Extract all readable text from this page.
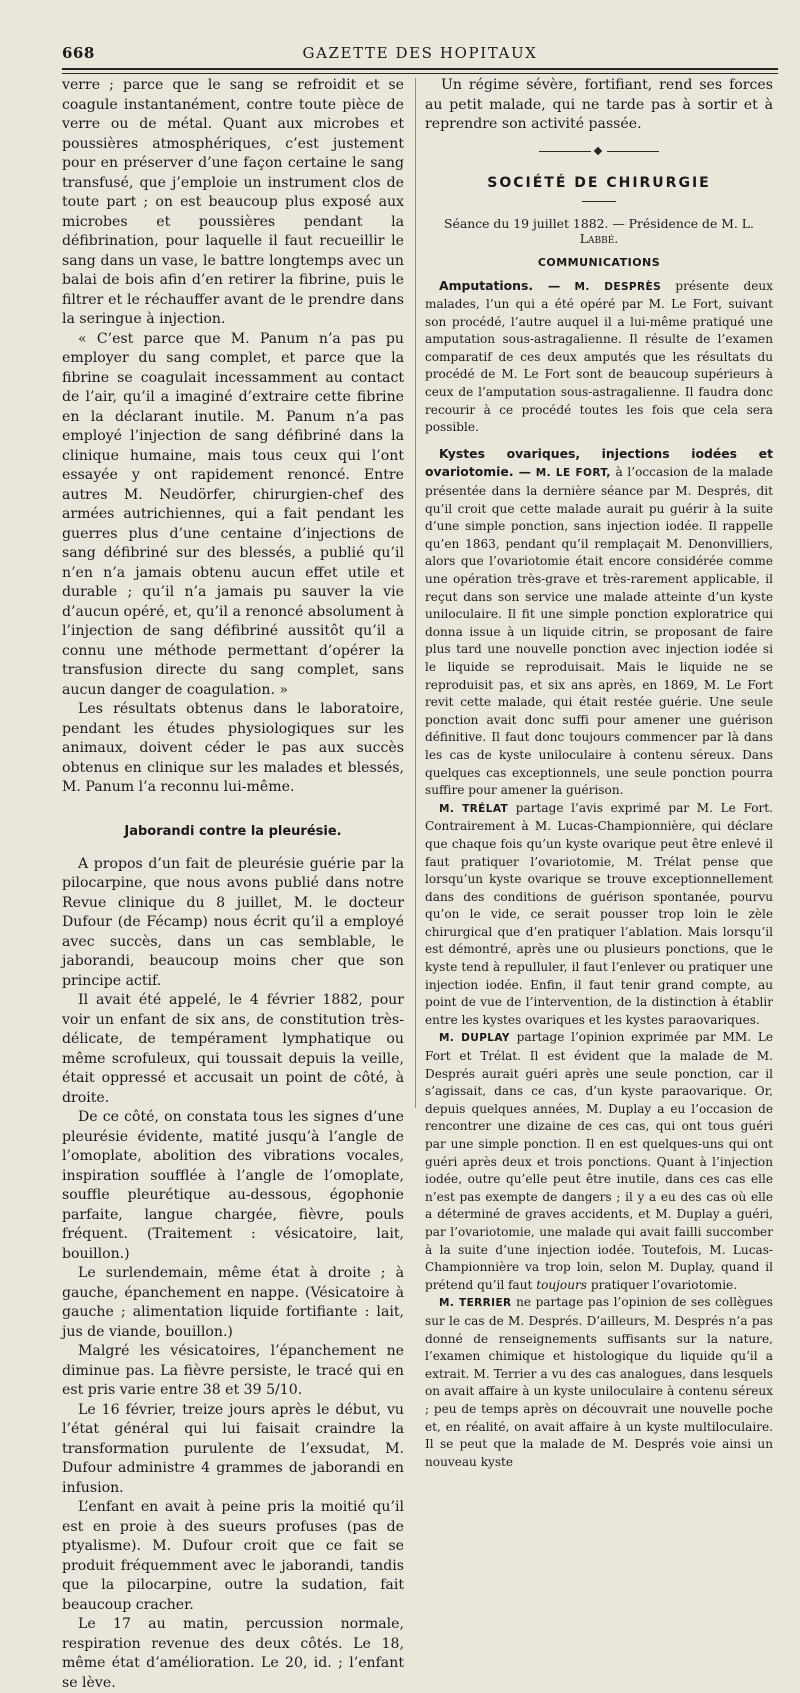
668	GAZETTE DES HOPITAUX

verre ; parce que le sang se refroidit et se coagule instantanément, contre toute pièce de verre ou de métal. Quant aux microbes et poussières atmosphériques, c’est justement pour en préserver d’une façon certaine le sang transfusé, que j’emploie un instrument clos de toute part ; on est beaucoup plus exposé aux microbes et poussières pendant la défibrination, pour laquelle il faut recueillir le sang dans un vase, le battre longtemps avec un balai de bois afin d’en retirer la fibrine, puis le filtrer et le réchauffer avant de le prendre dans la seringue à injection.

« C’est parce que M. Panum n’a pas pu employer du sang complet, et parce que la fibrine se coagulait incessamment au contact de l’air, qu’il a imaginé d’extraire cette fibrine en la déclarant inutile. M. Panum n’a pas employé l’injection de sang défibriné dans la clinique humaine, mais tous ceux qui l’ont essayée y ont rapidement renoncé. Entre autres M. Neudörfer, chirurgien-chef des armées autrichiennes, qui a fait pendant les guerres plus d’une centaine d’injections de sang défibriné sur des blessés, a publié qu’il n’en n’a jamais obtenu aucun effet utile et durable ; qu’il n’a jamais pu sauver la vie d’aucun opéré, et, qu’il a renoncé absolument à l’injection de sang défibriné aussitôt qu’il a connu une méthode permettant d’opérer la transfusion directe du sang complet, sans aucun danger de coagulation. »

Les résultats obtenus dans le laboratoire, pendant les études physiologiques sur les animaux, doivent céder le pas aux succès obtenus en clinique sur les malades et blessés, M. Panum l’a reconnu lui-même.

Jaborandi contre la pleurésie.

A propos d’un fait de pleurésie guérie par la pilocarpine, que nous avons publié dans notre Revue clinique du 8 juillet, M. le docteur Dufour (de Fécamp) nous écrit qu’il a employé avec succès, dans un cas semblable, le jaborandi, beaucoup moins cher que son principe actif.

Il avait été appelé, le 4 février 1882, pour voir un enfant de six ans, de constitution très-délicate, de tempérament lymphatique ou même scrofuleux, qui toussait depuis la veille, était oppressé et accusait un point de côté, à droite.

De ce côté, on constata tous les signes d’une pleurésie évidente, matité jusqu’à l’angle de l’omoplate, abolition des vibrations vocales, inspiration soufflée à l’angle de l’omoplate, souffle pleurétique au-dessous, égophonie parfaite, langue chargée, fièvre, pouls fréquent. (Traitement : vésicatoire, lait, bouillon.)

Le surlendemain, même état à droite ; à gauche, épanchement en nappe. (Vésicatoire à gauche ; alimentation liquide fortifiante : lait, jus de viande, bouillon.)

Malgré les vésicatoires, l’épanchement ne diminue pas. La fièvre persiste, le tracé qui en est pris varie entre 38 et 39 5/10.

Le 16 février, treize jours après le début, vu l’état général qui lui faisait craindre la transformation purulente de l’exsudat, M. Dufour administre 4 grammes de jaborandi en infusion.

L’enfant en avait à peine pris la moitié qu’il est en proie à des sueurs profuses (pas de ptyalisme). M. Dufour croit que ce fait se produit fréquemment avec le jaborandi, tandis que la pilocarpine, outre la sudation, fait beaucoup cracher.

Le 17 au matin, percussion normale, respiration revenue des deux côtés. Le 18, même état d’amélioration. Le 20, id. ; l’enfant se lève.

Un régime sévère, fortifiant, rend ses forces au petit malade, qui ne tarde pas à sortir et à reprendre son activité passée.

SOCIÉTÉ DE CHIRURGIE
Séance du 19 juillet 1882. — Présidence de M. L. Labbé.
COMMUNICATIONS

Amputations. — M. DESPRÈS présente deux malades, l’un qui a été opéré par M. Le Fort, suivant son procédé, l’autre auquel il a lui-même pratiqué une amputation sous-astragalienne. Il résulte de l’examen comparatif de ces deux amputés que les résultats du procédé de M. Le Fort sont de beaucoup supérieurs à ceux de l’amputation sous-astragalienne. Il faudra donc recourir à ce procédé toutes les fois que cela sera possible.

Kystes ovariques, injections iodées et ovariotomie. — M. LE FORT, à l’occasion de la malade présentée dans la dernière séance par M. Després, dit qu’il croit que cette malade aurait pu guérir à la suite d’une simple ponction, sans injection iodée. Il rappelle qu’en 1863, pendant qu’il remplaçait M. Denonvilliers, alors que l’ovariotomie était encore considérée comme une opération très-grave et très-rarement applicable, il reçut dans son service une malade atteinte d’un kyste uniloculaire. Il fit une simple ponction exploratrice qui donna issue à un liquide citrin, se proposant de faire plus tard une nouvelle ponction avec injection iodée si le liquide se reproduisait. Mais le liquide ne se reproduisit pas, et six ans après, en 1869, M. Le Fort revit cette malade, qui était restée guérie. Une seule ponction avait donc suffi pour amener une guérison définitive. Il faut donc toujours commencer par là dans les cas de kyste uniloculaire à contenu séreux. Dans quelques cas exceptionnels, une seule ponction pourra suffire pour amener la guérison.

M. TRÉLAT partage l’avis exprimé par M. Le Fort. Contrairement à M. Lucas-Championnière, qui déclare que chaque fois qu’un kyste ovarique peut être enlevé il faut pratiquer l’ovariotomie, M. Trélat pense que lorsqu’un kyste ovarique se trouve exceptionnellement dans des conditions de guérison spontanée, pourvu qu’on le vide, ce serait pousser trop loin le zèle chirurgical que d’en pratiquer l’ablation. Mais lorsqu’il est démontré, après une ou plusieurs ponctions, que le kyste tend à repulluler, il faut l’enlever ou pratiquer une injection iodée. Enfin, il faut tenir grand compte, au point de vue de l’intervention, de la distinction à établir entre les kystes ovariques et les kystes paraovariques.

M. DUPLAY partage l’opinion exprimée par MM. Le Fort et Trélat. Il est évident que la malade de M. Després aurait guéri après une seule ponction, car il s’agissait, dans ce cas, d’un kyste paraovarique. Or, depuis quelques années, M. Duplay a eu l’occasion de rencontrer une dizaine de ces cas, qui ont tous guéri par une simple ponction. Il en est quelques-uns qui ont guéri après deux et trois ponctions. Quant à l’injection iodée, outre qu’elle peut être inutile, dans ces cas elle n’est pas exempte de dangers ; il y a eu des cas où elle a déterminé de graves accidents, et M. Duplay a guéri, par l’ovariotomie, une malade qui avait failli succomber à la suite d’une injection iodée. Toutefois, M. Lucas-Championnière va trop loin, selon M. Duplay, quand il prétend qu’il faut toujours pratiquer l’ovariotomie.

M. TERRIER ne partage pas l’opinion de ses collègues sur le cas de M. Després. D’ailleurs, M. Després n’a pas donné de renseignements suffisants sur la nature, l’examen chimique et histologique du liquide qu’il a extrait. M. Terrier a vu des cas analogues, dans lesquels on avait affaire à un kyste uniloculaire à contenu séreux ; peu de temps après on découvrait une nouvelle poche et, en réalité, on avait affaire à un kyste multiloculaire. Il se peut que la malade de M. Després voie ainsi un nouveau kyste
